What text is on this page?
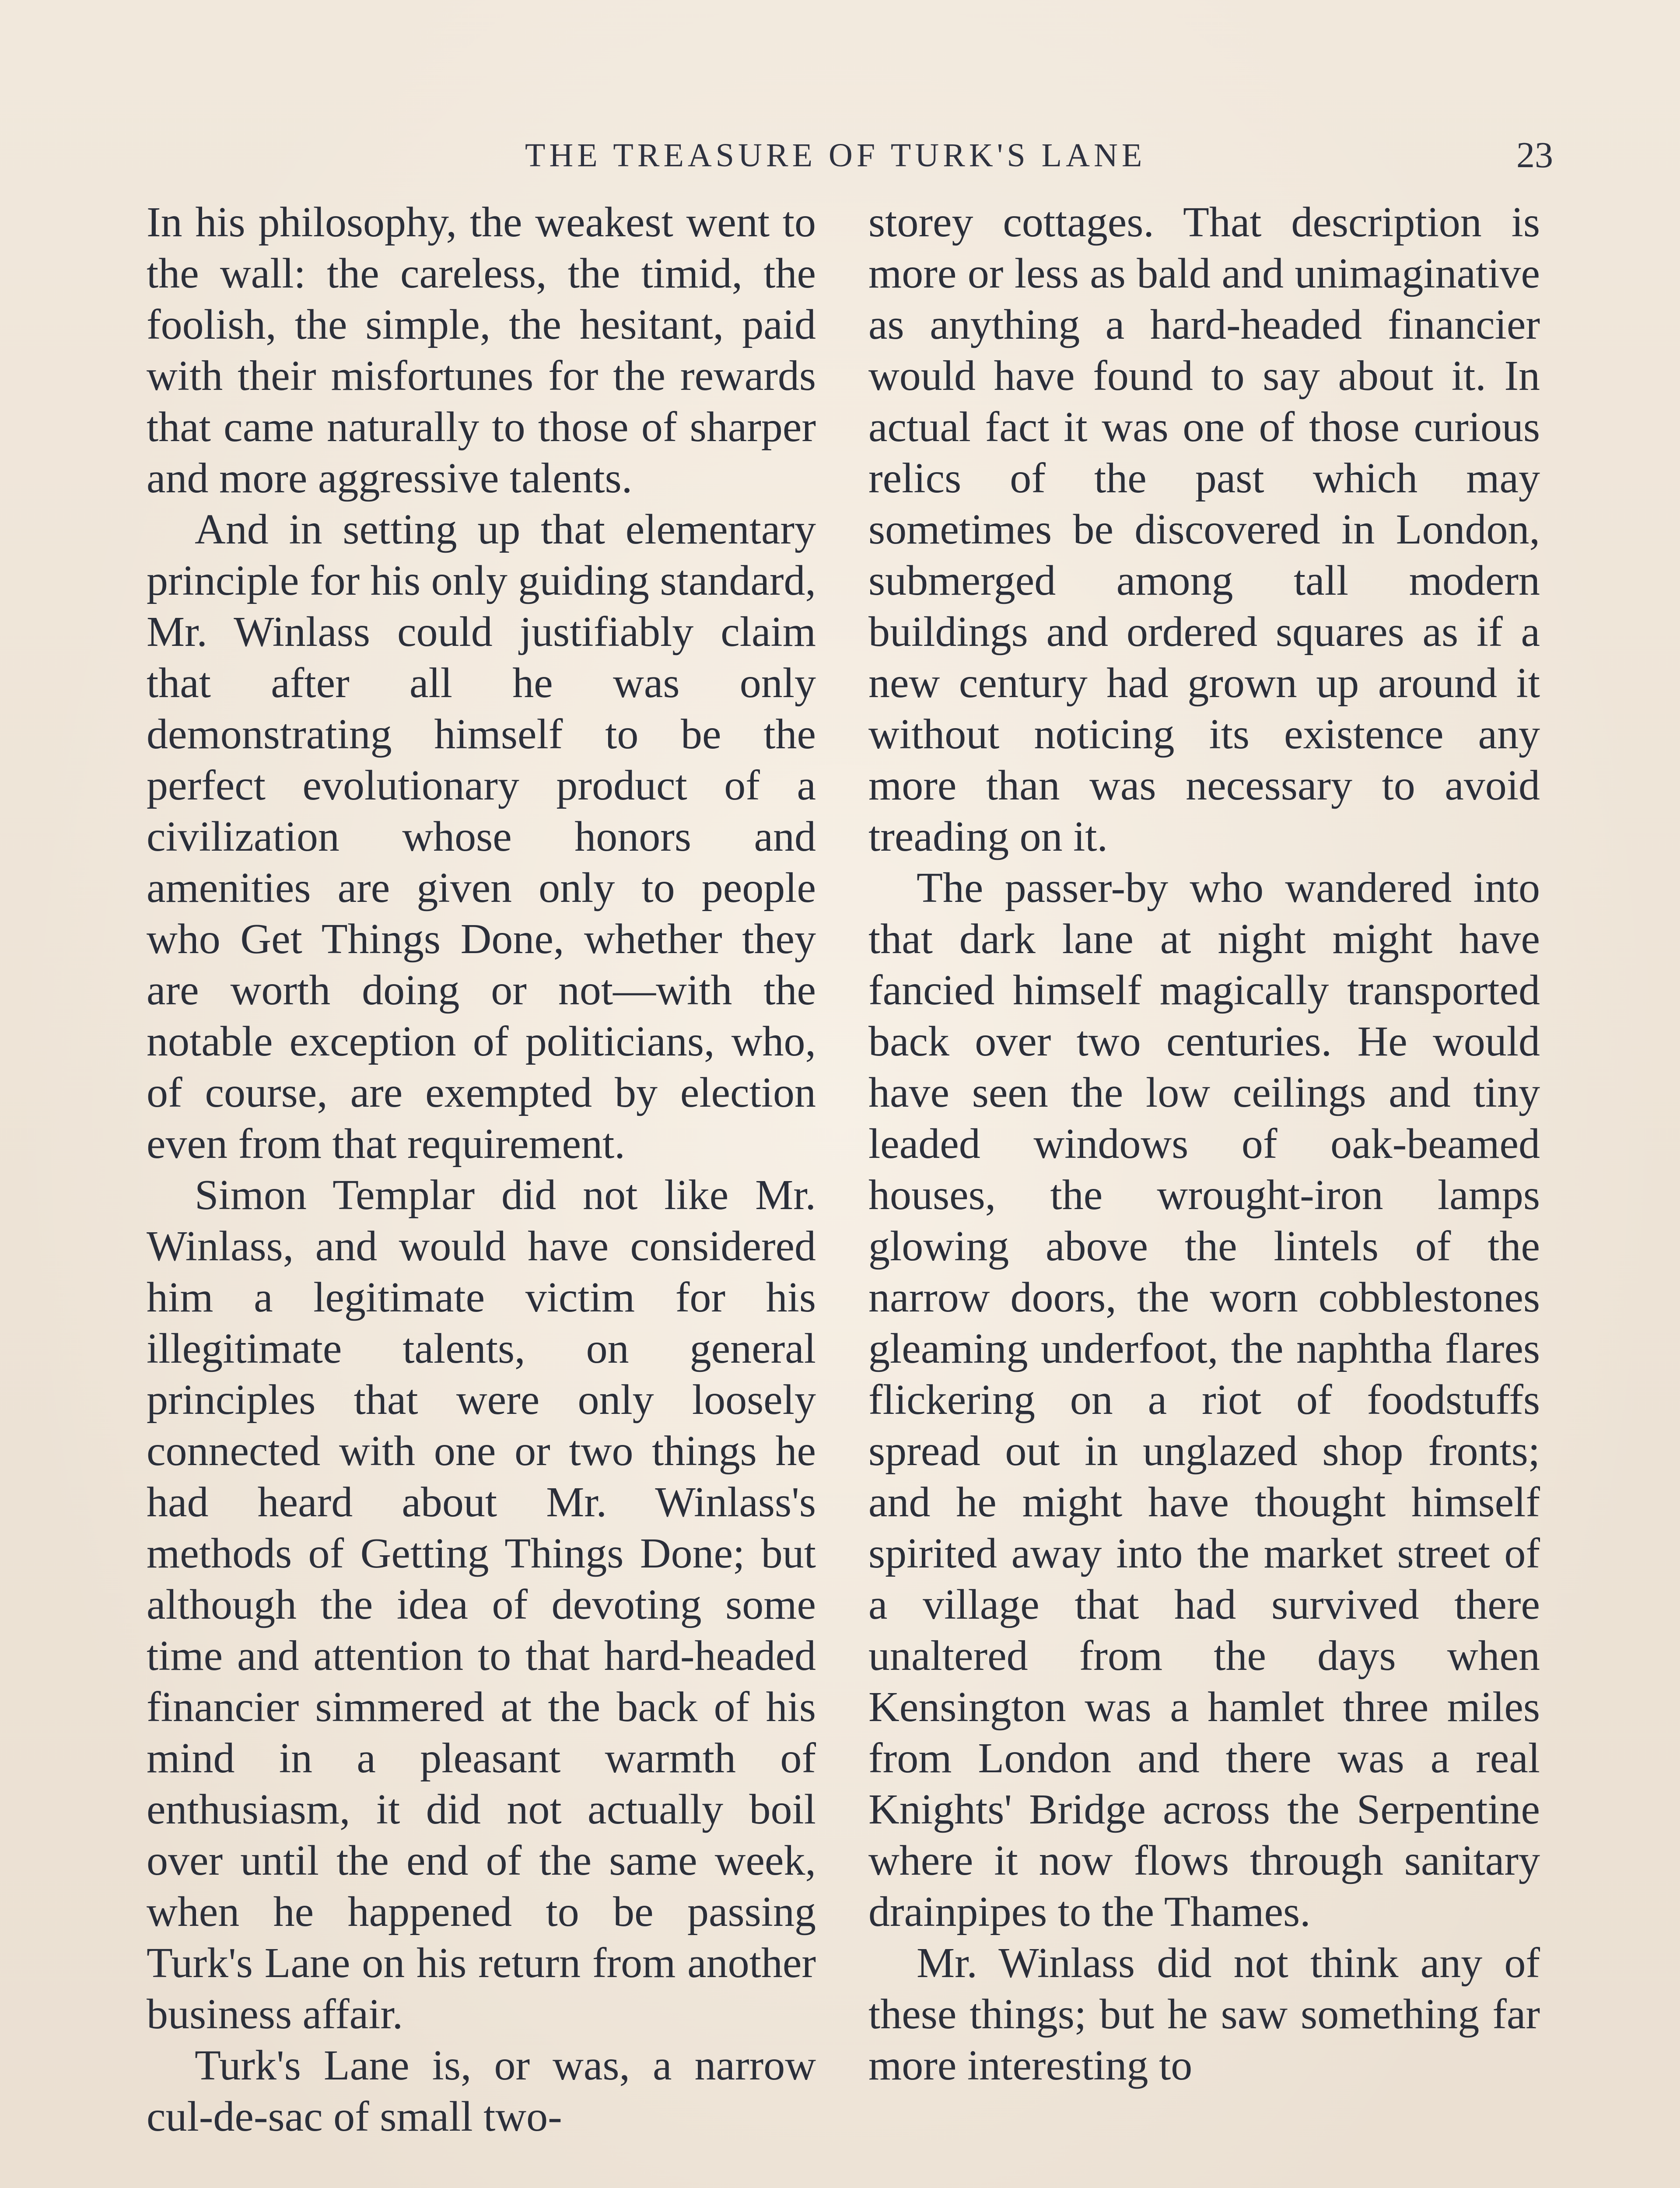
THE TREASURE OF TURK'S LANE	23

In his philosophy, the weakest went to the wall: the careless, the timid, the foolish, the simple, the hesitant, paid with their misfortunes for the rewards that came naturally to those of sharper and more aggressive talents.

And in setting up that elementary principle for his only guiding standard, Mr. Winlass could justifiably claim that after all he was only demonstrating himself to be the perfect evolutionary product of a civilization whose honors and amenities are given only to people who Get Things Done, whether they are worth doing or not—with the notable exception of politicians, who, of course, are exempted by election even from that requirement.

Simon Templar did not like Mr. Winlass, and would have considered him a legitimate victim for his illegitimate talents, on general principles that were only loosely connected with one or two things he had heard about Mr. Winlass's methods of Getting Things Done; but although the idea of devoting some time and attention to that hard-headed financier simmered at the back of his mind in a pleasant warmth of enthusiasm, it did not actually boil over until the end of the same week, when he happened to be passing Turk's Lane on his return from another business affair.

Turk's Lane is, or was, a narrow cul-de-sac of small two-

storey cottages. That description is more or less as bald and unimaginative as anything a hard-headed financier would have found to say about it. In actual fact it was one of those curious relics of the past which may sometimes be discovered in London, submerged among tall modern buildings and ordered squares as if a new century had grown up around it without noticing its existence any more than was necessary to avoid treading on it.

The passer-by who wandered into that dark lane at night might have fancied himself magically transported back over two centuries. He would have seen the low ceilings and tiny leaded windows of oak-beamed houses, the wrought-iron lamps glowing above the lintels of the narrow doors, the worn cobblestones gleaming underfoot, the naphtha flares flickering on a riot of foodstuffs spread out in unglazed shop fronts; and he might have thought himself spirited away into the market street of a village that had survived there unaltered from the days when Kensington was a hamlet three miles from London and there was a real Knights' Bridge across the Serpentine where it now flows through sanitary drainpipes to the Thames.

Mr. Winlass did not think any of these things; but he saw something far more interesting to
